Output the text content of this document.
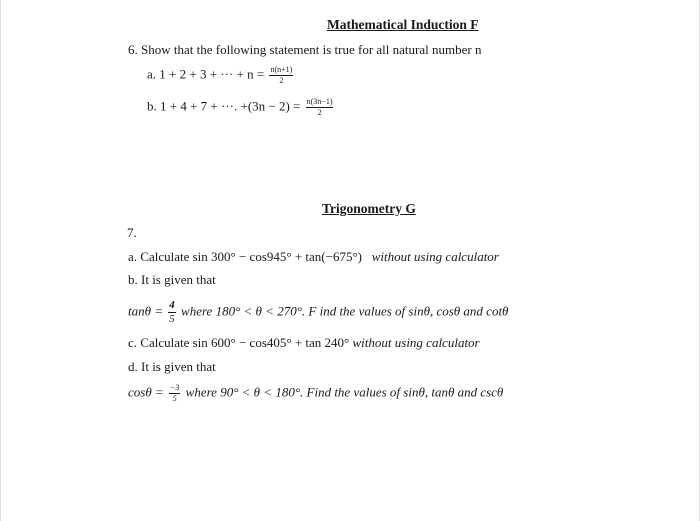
Mathematical Induction F
6. Show that the following statement is true for all natural number n
a. 1 + 2 + 3 + ··· + $n = \frac{n(n+1)}{2}$
b. 1 + 4 + 7 + ···. $+(3n - 2) = \frac{n(3n-1)}{2}$
Trigonometry G
7.
a. Calculate sin 300° − cos945° + tan(−675°) without using calculator
b. It is given that
$\tan\theta = \frac{4}{5}$ where 180° < θ < 270°. F ind the values of sinθ, cosθ and cotθ
c. Calculate sin 600° − cos405° + tan 240° without using calculator
d. It is given that
$\cos\theta = \frac{-3}{5}$ where 90° < θ < 180°. Find the values of sinθ, tanθ and cscθ
